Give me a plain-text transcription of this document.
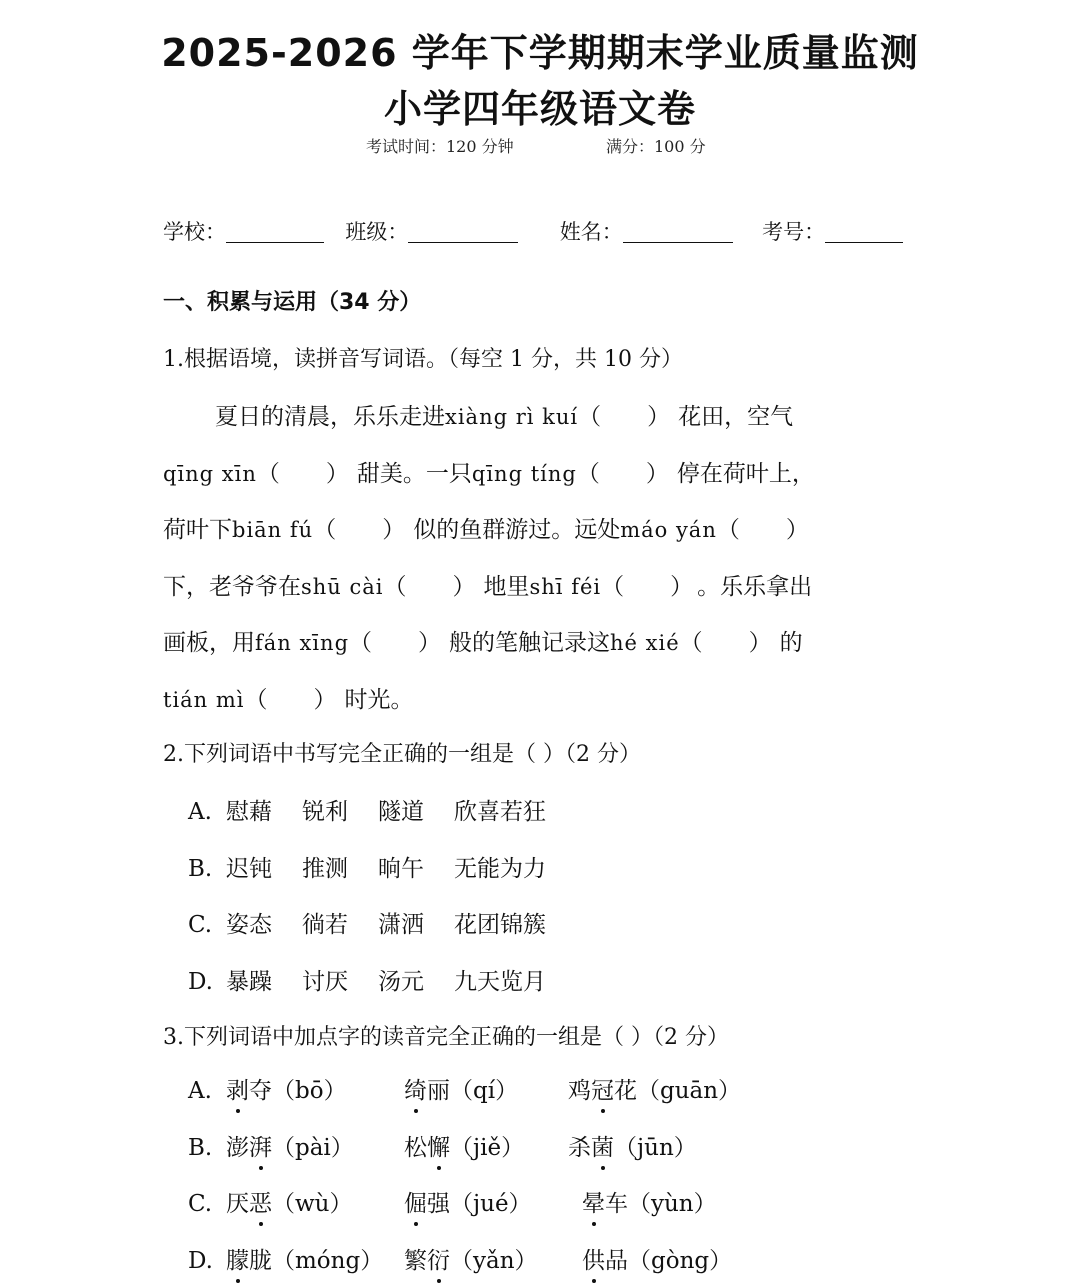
2025-2026 学年下学期期末学业质量监测
小学四年级语文卷
考试时间：120 分钟	满分：100 分
学校：	班级：	姓名：	考号：
一、积累与运用（34 分）
1.根据语境，读拼音写词语。（每空 1 分，共 10 分）
夏日的清晨，乐乐走进xiàng rì kuí（ ） 花田，空气
qīng xīn（ ） 甜美。一只qīng tíng（ ） 停在荷叶上，
荷叶下biān fú（ ） 似的鱼群游过。远处máo yán（ ）
下，老爷爷在shū cài（ ） 地里shī féi（ ） 。乐乐拿出
画板，用fán xīng（ ） 般的笔触记录这hé xié（ ） 的
tián mì（ ） 时光。
2.下列词语中书写完全正确的一组是（ ）（2 分）
A. 慰藉 锐利 隧道 欣喜若狂
B. 迟钝 推测 晌午 无能为力
C. 姿态 徜若 潇洒 花团锦簇
D. 暴躁 讨厌 汤元 九天览月
3.下列词语中加点字的读音完全正确的一组是（ ）（2 分）
A. 剥夺（bō） 绮丽（qí） 鸡冠花（guān）
B. 澎湃（pài） 松懈（jiě） 杀菌（jūn）
C. 厌恶（wù） 倔强（jué） 晕车（yùn）
D. 朦胧（móng） 繁衍（yǎn） 供品（gòng）
